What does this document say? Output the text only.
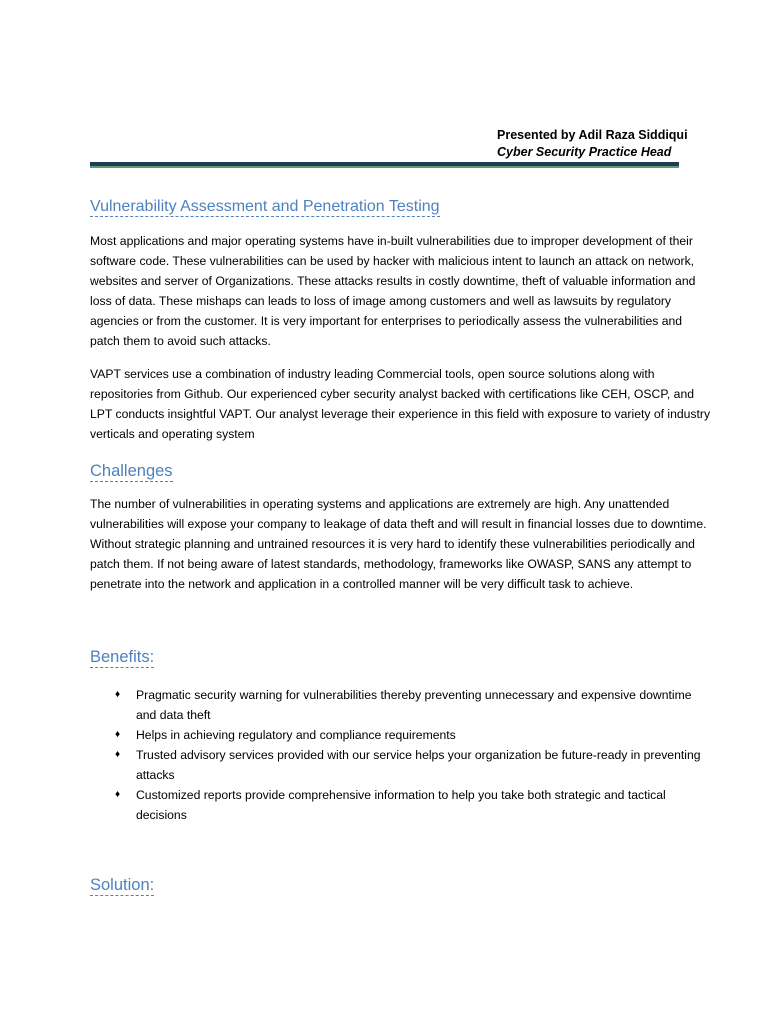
Presented by Adil Raza Siddiqui
Cyber Security Practice Head
Vulnerability Assessment and Penetration Testing

Most applications and major operating systems have in-built vulnerabilities due to improper development of their software code. These vulnerabilities can be used by hacker with malicious intent to launch an attack on network, websites and server of Organizations. These attacks results in costly downtime, theft of valuable information and loss of data. These mishaps can leads to loss of image among customers and well as lawsuits by regulatory agencies or from the customer. It is very important for enterprises to periodically assess the vulnerabilities and patch them to avoid such attacks.

VAPT services use a combination of industry leading Commercial tools, open source solutions along with repositories from Github. Our experienced cyber security analyst backed with certifications like CEH, OSCP, and LPT conducts insightful VAPT. Our analyst leverage their experience in this field with exposure to variety of industry verticals and operating system

Challenges

The number of vulnerabilities in operating systems and applications are extremely are high. Any unattended vulnerabilities will expose your company to leakage of data theft and will result in financial losses due to downtime. Without strategic planning and untrained resources it is very hard to identify these vulnerabilities periodically and patch them. If not being aware of latest standards, methodology, frameworks like OWASP, SANS any attempt to penetrate into the network and application in a controlled manner will be very difficult task to achieve.

Benefits:
♦ Pragmatic security warning for vulnerabilities thereby preventing unnecessary and expensive downtime and data theft
♦ Helps in achieving regulatory and compliance requirements
♦ Trusted advisory services provided with our service helps your organization be future-ready in preventing attacks
♦ Customized reports provide comprehensive information to help you take both strategic and tactical decisions
Solution:
